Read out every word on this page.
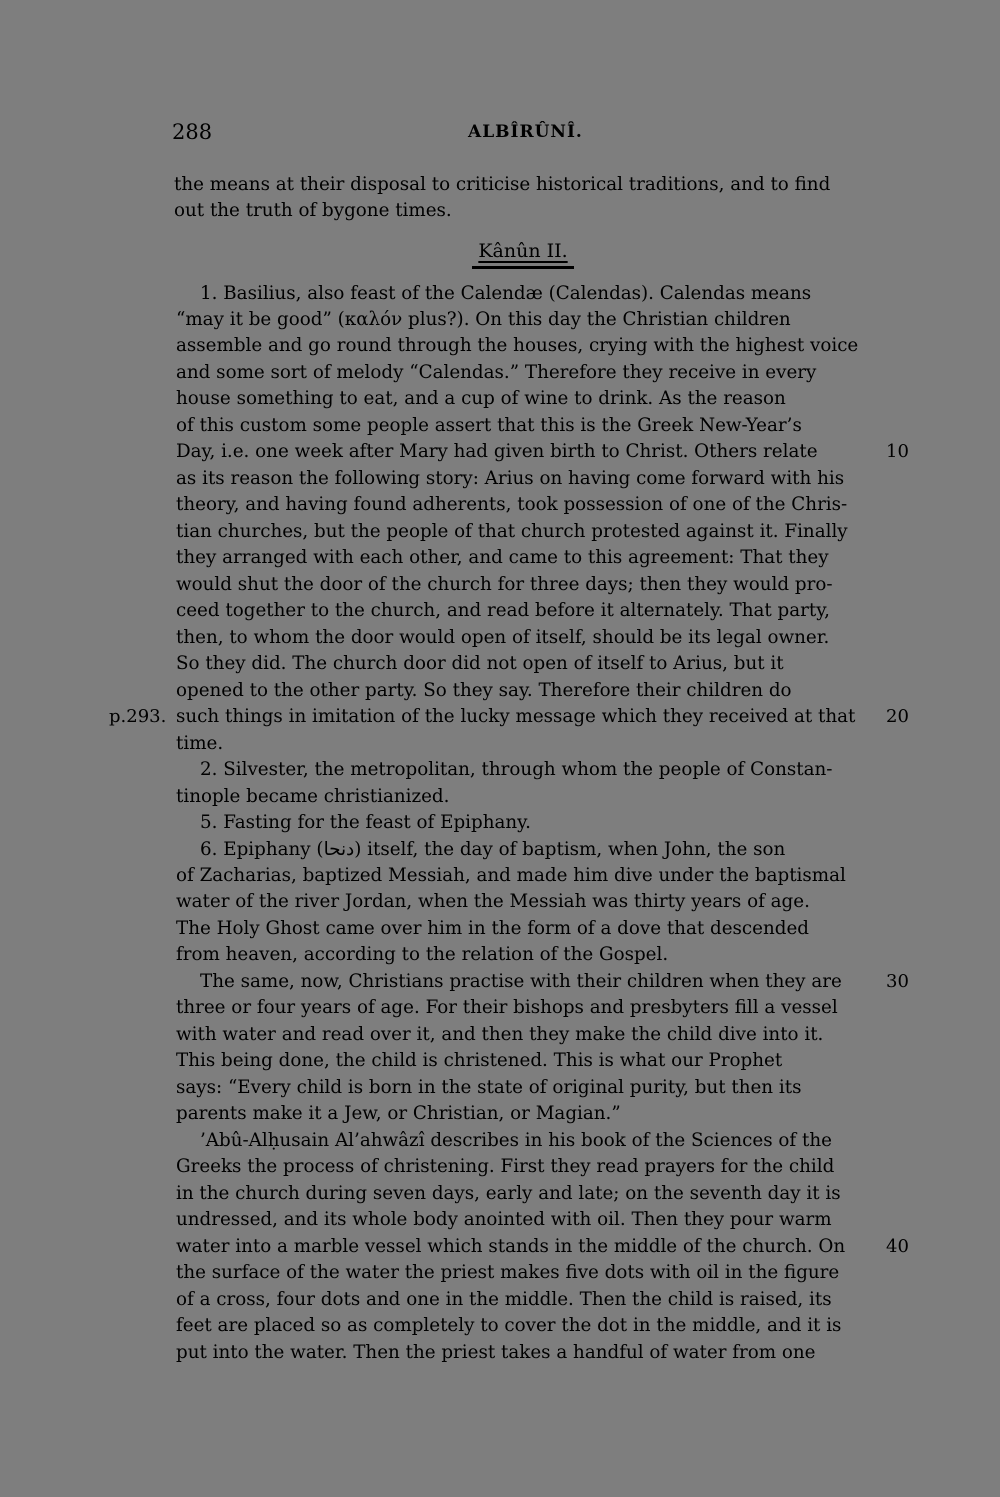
288	ALBÎRÛNÎ.
the means at their disposal to criticise historical traditions, and to find
out the truth of bygone times.
Kânûn II.
1. Basilius, also feast of the Calendæ (Calendas). Calendas means
“may it be good” (καλόν plus?). On this day the Christian children
assemble and go round through the houses, crying with the highest voice
and some sort of melody “Calendas.” Therefore they receive in every
house something to eat, and a cup of wine to drink. As the reason
of this custom some people assert that this is the Greek New-Year’s
Day, i.e. one week after Mary had given birth to Christ. Others relate
as its reason the following story: Arius on having come forward with his
theory, and having found adherents, took possession of one of the Chris-
tian churches, but the people of that church protested against it. Finally
they arranged with each other, and came to this agreement: That they
would shut the door of the church for three days; then they would pro-
ceed together to the church, and read before it alternately. That party,
then, to whom the door would open of itself, should be its legal owner.
So they did. The church door did not open of itself to Arius, but it
opened to the other party. So they say. Therefore their children do
such things in imitation of the lucky message which they received at that
time.
2. Silvester, the metropolitan, through whom the people of Constan-
tinople became christianized.
5. Fasting for the feast of Epiphany.
6. Epiphany (دنحا) itself, the day of baptism, when John, the son
of Zacharias, baptized Messiah, and made him dive under the baptismal
water of the river Jordan, when the Messiah was thirty years of age.
The Holy Ghost came over him in the form of a dove that descended
from heaven, according to the relation of the Gospel.
The same, now, Christians practise with their children when they are
three or four years of age. For their bishops and presbyters fill a vessel
with water and read over it, and then they make the child dive into it.
This being done, the child is christened. This is what our Prophet
says: “Every child is born in the state of original purity, but then its
parents make it a Jew, or Christian, or Magian.”
’Abû-Alḥusain Al’ahwâzî describes in his book of the Sciences of the
Greeks the process of christening. First they read prayers for the child
in the church during seven days, early and late; on the seventh day it is
undressed, and its whole body anointed with oil. Then they pour warm
water into a marble vessel which stands in the middle of the church. On
the surface of the water the priest makes five dots with oil in the figure
of a cross, four dots and one in the middle. Then the child is raised, its
feet are placed so as completely to cover the dot in the middle, and it is
put into the water. Then the priest takes a handful of water from one
p.293.
10
20
30
40
